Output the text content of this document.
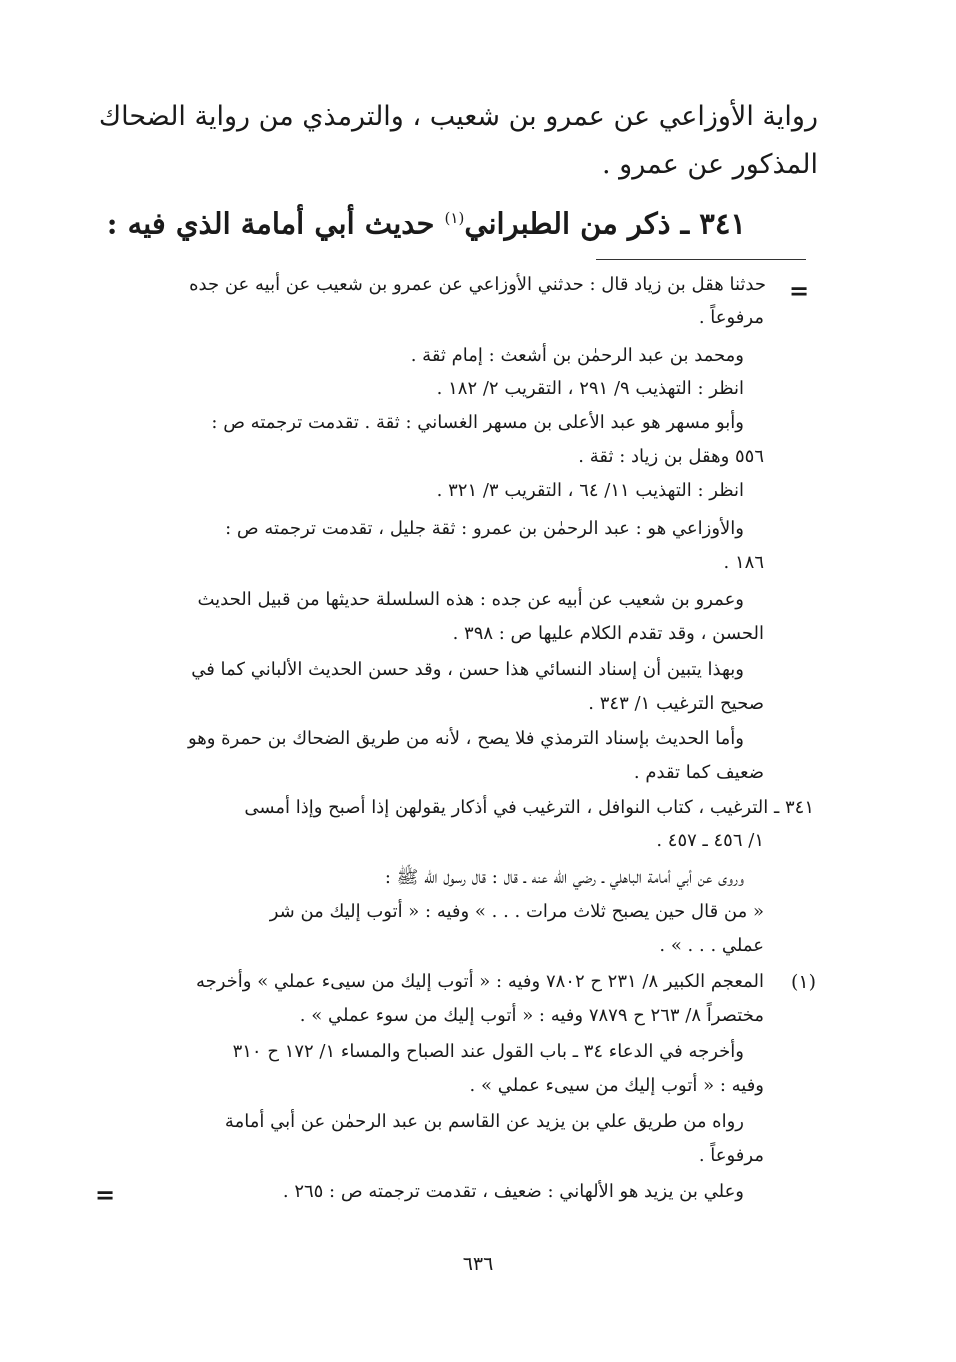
رواية الأوزاعي عن عمرو بن شعيب ، والترمذي من رواية الضحاك
المذكور عن عمرو .
٣٤١ ـ ذكر من الطبراني$^{(١)}$ حديث أبي أمامة الذي فيه :
=
حدثنا هقل بن زياد قال : حدثني الأوزاعي عن عمرو بن شعيب عن أبيه عن جده
مرفوعاً .
ومحمد بن عبد الرحمٰن بن أشعث : إمام ثقة .
انظر : التهذيب ٩/ ٢٩١ ، التقريب ٢/ ١٨٢ .
وأبو مسهر هو عبد الأعلى بن مسهر الغساني : ثقة . تقدمت ترجمته ص :
٥٥٦ وهقل بن زياد : ثقة .
انظر : التهذيب ١١/ ٦٤ ، التقريب ٣/ ٣٢١ .
والأوزاعي هو : عبد الرحمٰن بن عمرو : ثقة جليل ، تقدمت ترجمته ص :
١٨٦ .
وعمرو بن شعيب عن أبيه عن جده : هذه السلسلة حديثها من قبيل الحديث
الحسن ، وقد تقدم الكلام عليها ص : ٣٩٨ .
وبهذا يتبين أن إسناد النسائي هذا حسن ، وقد حسن الحديث الألباني كما في
صحيح الترغيب ١/ ٣٤٣ .
وأما الحديث بإسناد الترمذي فلا يصح ، لأنه من طريق الضحاك بن حمرة وهو
ضعيف كما تقدم .
٣٤١ ـ الترغيب ، كتاب النوافل ، الترغيب في أذكار يقولهن إذا أصبح وإذا أمسى
١/ ٤٥٦ ـ ٤٥٧ .
وروى عن أبي أمامة الباهلي ـ رضي الله عنه ـ قال : قال رسول الله ﷺ :
« من قال حين يصبح ثلاث مرات . . . » وفيه : « أتوب إليك من شر
عملي . . . » .
(١)
المعجم الكبير ٨/ ٢٣١ ح ٧٨٠٢ وفيه : « أتوب إليك من سيىء عملي » وأخرجه
مختصراً ٨/ ٢٦٣ ح ٧٨٧٩ وفيه : « أتوب إليك من سوء عملي » .
وأخرجه في الدعاء ٣٤ ـ باب القول عند الصباح والمساء ١/ ١٧٢ ح ٣١٠
وفيه : « أتوب إليك من سيىء عملي » .
رواه من طريق علي بن يزيد عن القاسم بن عبد الرحمٰن عن أبي أمامة
مرفوعاً .
وعلي بن يزيد هو الألهاني : ضعيف ، تقدمت ترجمته ص : ٢٦٥ .
=
٦٣٦
